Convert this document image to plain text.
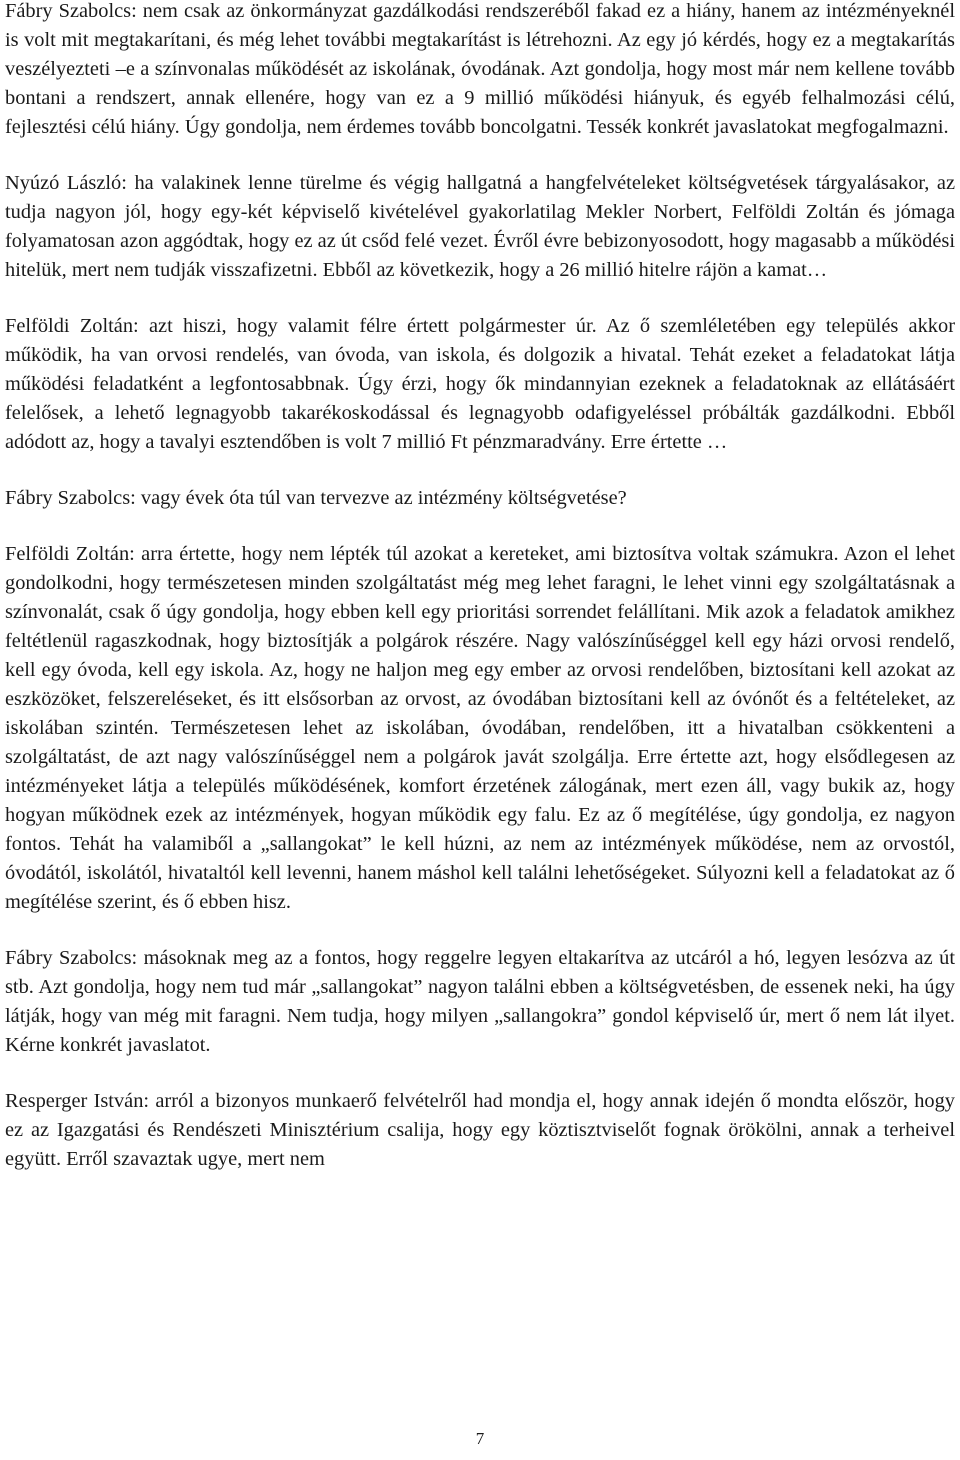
Fábry Szabolcs: nem csak az önkormányzat gazdálkodási rendszeréből fakad ez a hiány, hanem az intézményeknél is volt mit megtakarítani, és még lehet további megtakarítást is létrehozni. Az egy jó kérdés, hogy ez a megtakarítás veszélyezteti –e a színvonalas működését az iskolának, óvodának. Azt gondolja, hogy most már nem kellene tovább bontani a rendszert, annak ellenére, hogy van ez a 9 millió működési hiányuk, és egyéb felhalmozási célú, fejlesztési célú hiány. Úgy gondolja, nem érdemes tovább boncolgatni. Tessék konkrét javaslatokat megfogalmazni.

Nyúzó László: ha valakinek lenne türelme és végig hallgatná a hangfelvételeket költségvetések tárgyalásakor, az tudja nagyon jól, hogy egy-két képviselő kivételével gyakorlatilag Mekler Norbert, Felföldi Zoltán és jómaga folyamatosan azon aggódtak, hogy ez az út csőd felé vezet. Évről évre bebizonyosodott, hogy magasabb a működési hitelük, mert nem tudják visszafizetni. Ebből az következik, hogy a 26 millió hitelre rájön a kamat…

Felföldi Zoltán: azt hiszi, hogy valamit félre értett polgármester úr. Az ő szemléletében egy település akkor működik, ha van orvosi rendelés, van óvoda, van iskola, és dolgozik a hivatal. Tehát ezeket a feladatokat látja működési feladatként a legfontosabbnak. Úgy érzi, hogy ők mindannyian ezeknek a feladatoknak az ellátásáért felelősek, a lehető legnagyobb takarékoskodással és legnagyobb odafigyeléssel próbálták gazdálkodni. Ebből adódott az, hogy a tavalyi esztendőben is volt 7 millió Ft pénzmaradvány. Erre értette …

Fábry Szabolcs: vagy évek óta túl van tervezve az intézmény költségvetése?

Felföldi Zoltán: arra értette, hogy nem lépték túl azokat a kereteket, ami biztosítva voltak számukra. Azon el lehet gondolkodni, hogy természetesen minden szolgáltatást még meg lehet faragni, le lehet vinni egy szolgáltatásnak a színvonalát, csak ő úgy gondolja, hogy ebben kell egy prioritási sorrendet felállítani. Mik azok a feladatok amikhez feltétlenül ragaszkodnak, hogy biztosítják a polgárok részére. Nagy valószínűséggel kell egy házi orvosi rendelő, kell egy óvoda, kell egy iskola. Az, hogy ne haljon meg egy ember az orvosi rendelőben, biztosítani kell azokat az eszközöket, felszereléseket, és itt elsősorban az orvost, az óvodában biztosítani kell az óvónőt és a feltételeket, az iskolában szintén. Természetesen lehet az iskolában, óvodában, rendelőben, itt a hivatalban csökkenteni a szolgáltatást, de azt nagy valószínűséggel nem a polgárok javát szolgálja. Erre értette azt, hogy elsődlegesen az intézményeket látja a település működésének, komfort érzetének zálogának, mert ezen áll, vagy bukik az, hogy hogyan működnek ezek az intézmények, hogyan működik egy falu. Ez az ő megítélése, úgy gondolja, ez nagyon fontos. Tehát ha valamiből a „sallangokat” le kell húzni, az nem az intézmények működése, nem az orvostól, óvodától, iskolától, hivataltól kell levenni, hanem máshol kell találni lehetőségeket. Súlyozni kell a feladatokat az ő megítélése szerint, és ő ebben hisz.

Fábry Szabolcs: másoknak meg az a fontos, hogy reggelre legyen eltakarítva az utcáról a hó, legyen lesózva az út stb. Azt gondolja, hogy nem tud már „sallangokat” nagyon találni ebben a költségvetésben, de essenek neki, ha úgy látják, hogy van még mit faragni. Nem tudja, hogy milyen „sallangokra” gondol képviselő úr, mert ő nem lát ilyet. Kérne konkrét javaslatot.

Resperger István: arról a bizonyos munkaerő felvételről had mondja el, hogy annak idején ő mondta először, hogy ez az Igazgatási és Rendészeti Minisztérium csalija, hogy egy köztisztviselőt fognak örökölni, annak a terheivel együtt. Erről szavaztak ugye, mert nem

7
